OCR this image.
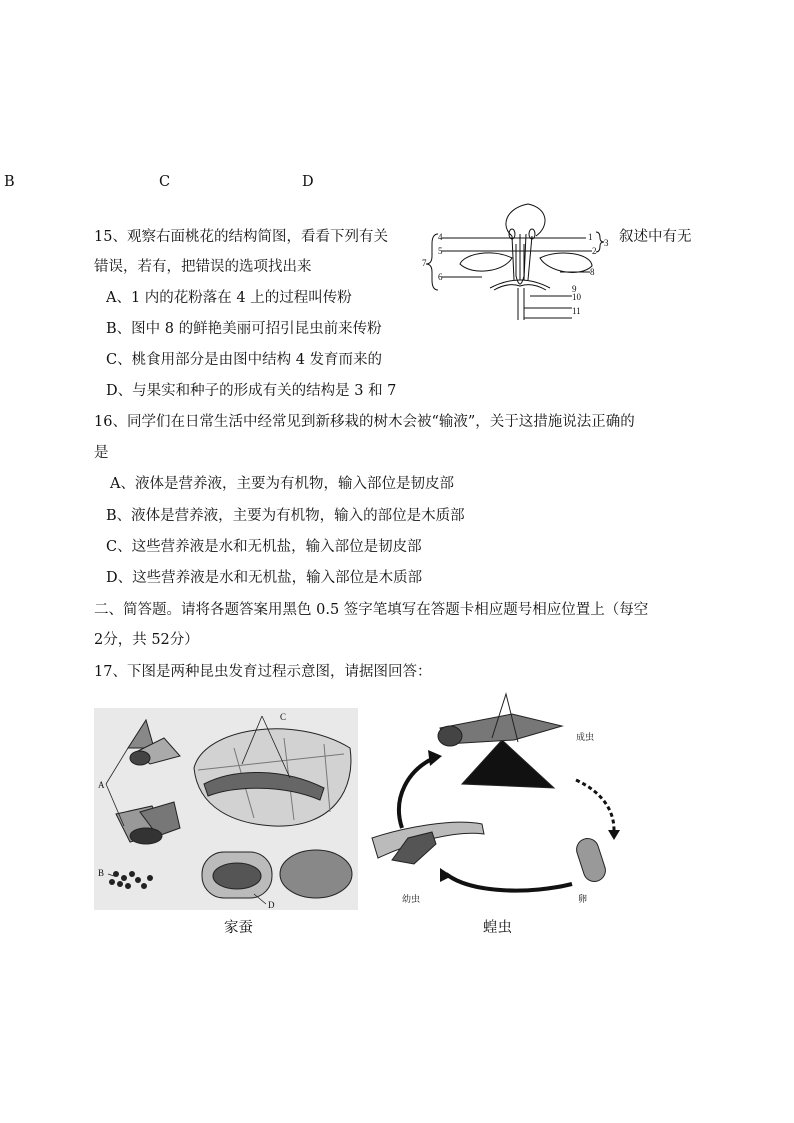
B	C	D
15、观察右面桃花的结构简图，看看下列有关	叙述中有无
错误，若有，把错误的选项找出来
A、1 内的花粉落在 4 上的过程叫传粉
B、图中 8 的鲜艳美丽可招引昆虫前来传粉
C、桃食用部分是由图中结构 4 发育而来的
D、与果实和种子的形成有关的结构是 3 和 7
4
5
7
6
1
2
3
8
9
10
11
16、同学们在日常生活中经常见到新移栽的树木会被“输液”，关于这措施说法正确的
是
A、液体是营养液，主要为有机物，输入部位是韧皮部
B、液体是营养液，主要为有机物，输入的部位是木质部
C、这些营养液是水和无机盐，输入部位是韧皮部
D、这些营养液是水和无机盐，输入部位是木质部
二、简答题。请将各题答案用黑色 0.5 签字笔填写在答题卡相应题号相应位置上（每空
2分，共 52分）
17、下图是两种昆虫发育过程示意图，请据图回答：
A
B
C
D
成虫
卵
幼虫
家蚕	蝗虫
